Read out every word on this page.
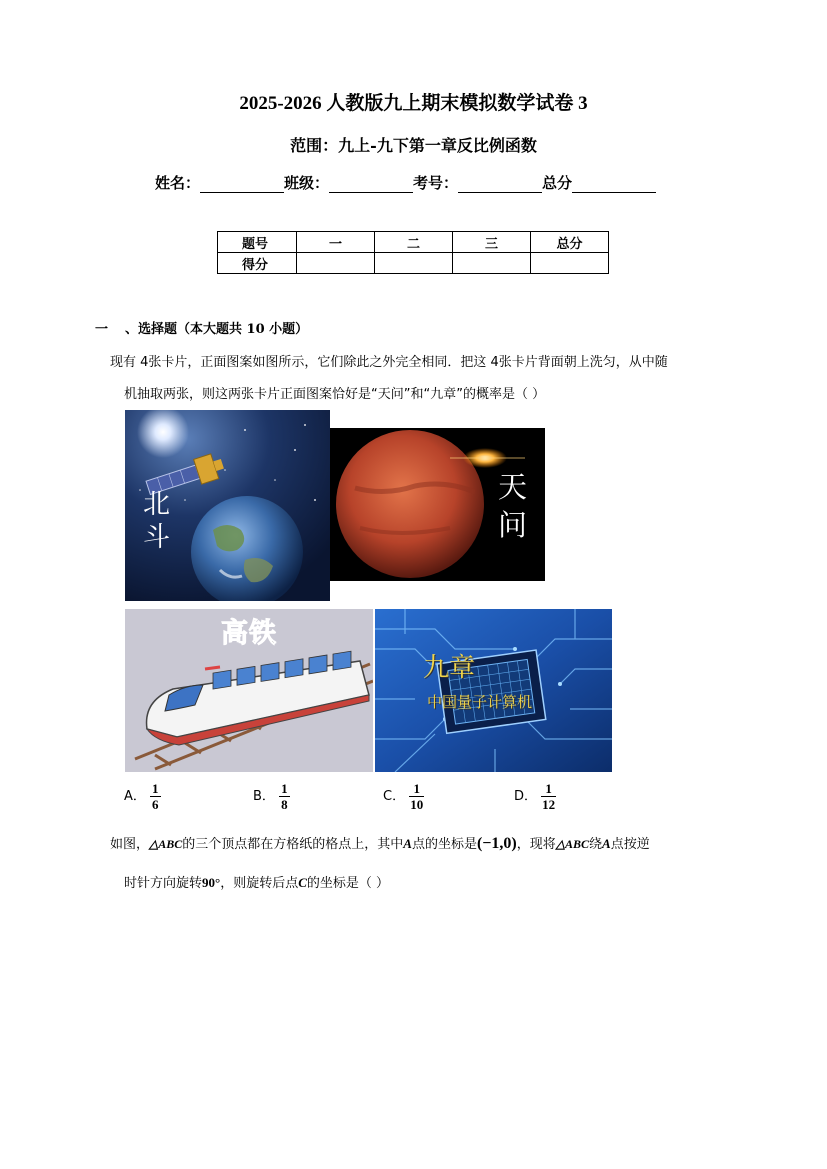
2025-2026 人教版九上期末模拟数学试卷 3
范围：九上-九下第一章反比例函数
姓名：	班级：	考号：	总分
题号	一	二	三	总分
得分				
一 、选择题（本大题共 10 小题）
现有 4张卡片，正面图案如图所示，它们除此之外完全相同．把这 4张卡片背面朝上洗匀，从中随
机抽取两张，则这两张卡片正面图案恰好是“天问”和“九章”的概率是（ ）
北斗
天问
高铁
九章
中国量子计算机
A． $\frac{1}{6}$	B． $\frac{1}{8}$	C． $\frac{1}{10}$	D． $\frac{1}{12}$
如图，△ABC的三个顶点都在方格纸的格点上，其中A点的坐标是(−1,0)，现将△ABC绕A点按逆
时针方向旋转90°，则旋转后点C的坐标是（ ）
